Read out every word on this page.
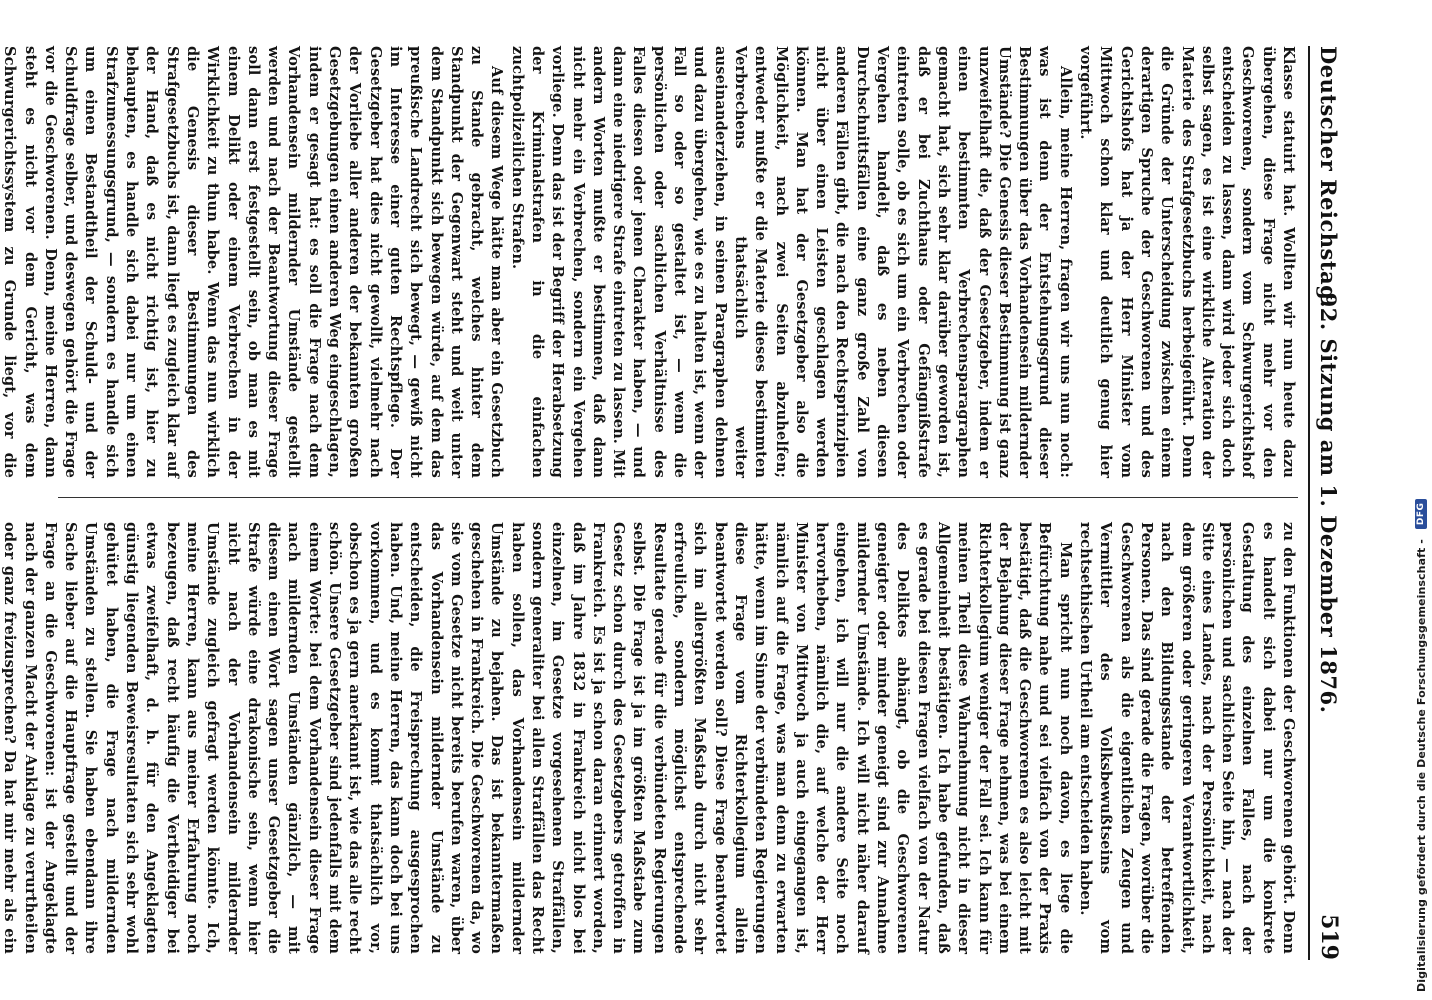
Deutscher Reichstag.
92. Sitzung am 1. Dezember 1876.
519

Klasse statuirt hat. Wollten wir nun heute dazu übergehen, diese Frage nicht mehr vor den Geschworenen, sondern vom Schwurgerichtshof entscheiden zu lassen, dann wird jeder sich doch selbst sagen, es ist eine wirkliche Alteration der Materie des Strafgesetzbuchs herbeigeführt. Denn die Gründe der Unterscheidung zwischen einem derartigen Spruche der Geschworenen und des Gerichtshofs hat ja der Herr Minister vom Mittwoch schon klar und deutlich genug hier vorgeführt.

Allein, meine Herren, fragen wir uns nun noch: was ist denn der Entstehungsgrund dieser Bestimmungen über das Vorhandensein mildernder Umstände? Die Genesis dieser Bestimmung ist ganz unzweifelhaft die, daß der Gesetzgeber, indem er einen bestimmten Verbrechensparagraphen gemacht hat, sich sehr klar darüber geworden ist, daß er bei Zuchthaus oder Gefängnißstrafe eintreten solle, ob es sich um ein Verbrechen oder Vergehen handelt, daß es neben diesen Durchschnittsfällen eine ganz große Zahl von anderen Fällen gibt, die nach den Rechtsprinzipien nicht über einen Leisten geschlagen werden können. Man hat der Gesetzgeber also die Möglichkeit, nach zwei Seiten abzuhelfen; entweder mußte er die Materie dieses bestimmten Verbrechens thatsächlich weiter auseinanderziehen, in seinen Paragraphen dehnen und dazu übergehen, wie es zu halten ist, wenn der Fall so oder so gestaltet ist, — wenn die persönlichen oder sachlichen Verhältnisse des Falles diesen oder jenen Charakter haben, — und dann eine niedrigere Strafe eintreten zu lassen. Mit andern Worten mußte er bestimmen, daß dann nicht mehr ein Verbrechen, sondern ein Vergehen vorliege. Denn das ist der Begriff der Herabsetzung der Kriminalstrafen in die einfachen zuchtpolizeilichen Strafen.

Auf diesem Wege hätte man aber ein Gesetzbuch zu Stande gebracht, welches hinter dem Standpunkt der Gegenwart steht und weit unter dem Standpunkt sich bewegen würde, auf dem das preußische Landrecht sich bewegt, — gewiß nicht im Interesse einer guten Rechtspflege. Der Gesetzgeber hat dies nicht gewollt, vielmehr nach der Vorliebe aller anderen der bekannten großen Gesetzgebungen einen anderen Weg eingeschlagen, indem er gesagt hat: es soll die Frage nach dem Vorhandensein mildernder Umstände gestellt werden und nach der Beantwortung dieser Frage soll dann erst festgestellt sein, ob man es mit einem Delikt oder einem Verbrechen in der Wirklichkeit zu thun habe. Wenn das nun wirklich die Genesis dieser Bestimmungen des Strafgesetzbuchs ist, dann liegt es zugleich klar auf der Hand, daß es nicht richtig ist, hier zu behaupten, es handle sich dabei nur um einen Strafzumessungsgrund, — sondern es handle sich um einen Bestandtheil der Schuld- und der Schuldfrage selber, und deswegen gehört die Frage vor die Geschworenen. Denn, meine Herren, dann steht es nicht vor dem Gericht, was dem Schwurgerichtssystem zu Grunde liegt, vor die

zu den Funktionen der Geschworenen gehört. Denn es handelt sich dabei nur um die konkrete Gestaltung des einzelnen Falles, nach der persönlichen und sachlichen Seite hin, — nach der Sitte eines Landes, nach der Persönlichkeit, nach dem größeren oder geringeren Verantwortlichkeit, nach den Bildungsstande der betreffenden Personen. Das sind gerade die Fragen, worüber die Geschworenen als die eigentlichen Zeugen und Vermittler des Volksbewußtseins vom rechtsethischen Urtheil am entscheiden haben.

Man spricht nun noch davon, es liege die Befürchtung nahe und sei vielfach von der Praxis bestätigt, daß die Geschworenen es also leicht mit der Bejahung dieser Frage nehmen, was bei einem Richterkollegium weniger der Fall sei. Ich kann für meinen Theil diese Wahrnehmung nicht in dieser Allgemeinheit bestätigen. Ich habe gefunden, daß es gerade bei diesen Fragen vielfach von der Natur des Deliktes abhängt, ob die Geschworenen geneigter oder minder geneigt sind zur Annahme mildernder Umstände. Ich will nicht näher darauf eingehen, ich will nur die andere Seite noch hervorheben, nämlich die, auf welche der Herr Minister von Mittwoch ja auch eingegangen ist, nämlich auf die Frage, was man denn zu erwarten hätte, wenn im Sinne der verbündeten Regierungen diese Frage vom Richterkollegium allein beantwortet werden soll? Diese Frage beantwortet sich im allergrößten Maßstab durch nicht sehr erfreuliche, sondern möglichst entsprechende Resultate gerade für die verbündeten Regierungen selbst. Die Frage ist ja im größten Maßstabe zum Gesetz schon durch des Gesetzgebers getroffen in Frankreich. Es ist ja schon daran erinnert worden, daß im Jahre 1832 in Frankreich nicht blos bei einzelnen, im Gesetze vorgesehenen Straffällen, sondern generaliter bei allen Straffällen das Recht haben sollen, das Vorhandensein mildernder Umstände zu bejahen. Das ist bekanntermaßen geschehen in Frankreich. Die Geschworenen da, wo sie vom Gesetze nicht bereits berufen waren, über das Vorhandensein mildernder Umstände zu entscheiden, die Freisprechung ausgesprochen haben. Und, meine Herren, das kann doch bei uns vorkommen, und es kommt thatsächlich vor, obschon es ja gern anerkannt ist, wie das alle recht schön. Unsere Gesetzgeber sind jedenfalls mit dem einem Worte: bei dem Vorhandensein dieser Frage nach mildernden Umständen gänzlich, — mit diesem einen Wort sagen unser Gesetzgeber die Strafe würde eine drakonische sein, wenn hier nicht nach der Vorhandensein mildernder Umstände zugleich gefragt werden könnte. Ich, meine Herren, kann aus meiner Erfahrung noch bezeugen, daß recht häufig die Vertheidiger bei etwas zweifelhaft, d. h. für den Angeklagten günstig liegenden Beweisresultaten sich sehr wohl gehütet haben, die Frage nach mildernden Umständen zu stellen. Sie haben ebendann ihre Sache lieber auf die Hauptfrage gestellt und der Frage an die Geschworenen: ist der Angeklagte nach der ganzen Macht der Anklage zu verurtheilen oder ganz freizusprechen? Da hat mir mehr als ein	Digitalisierung gefördert durch die Deutsche Forschungsgemeinschaft - DFG
